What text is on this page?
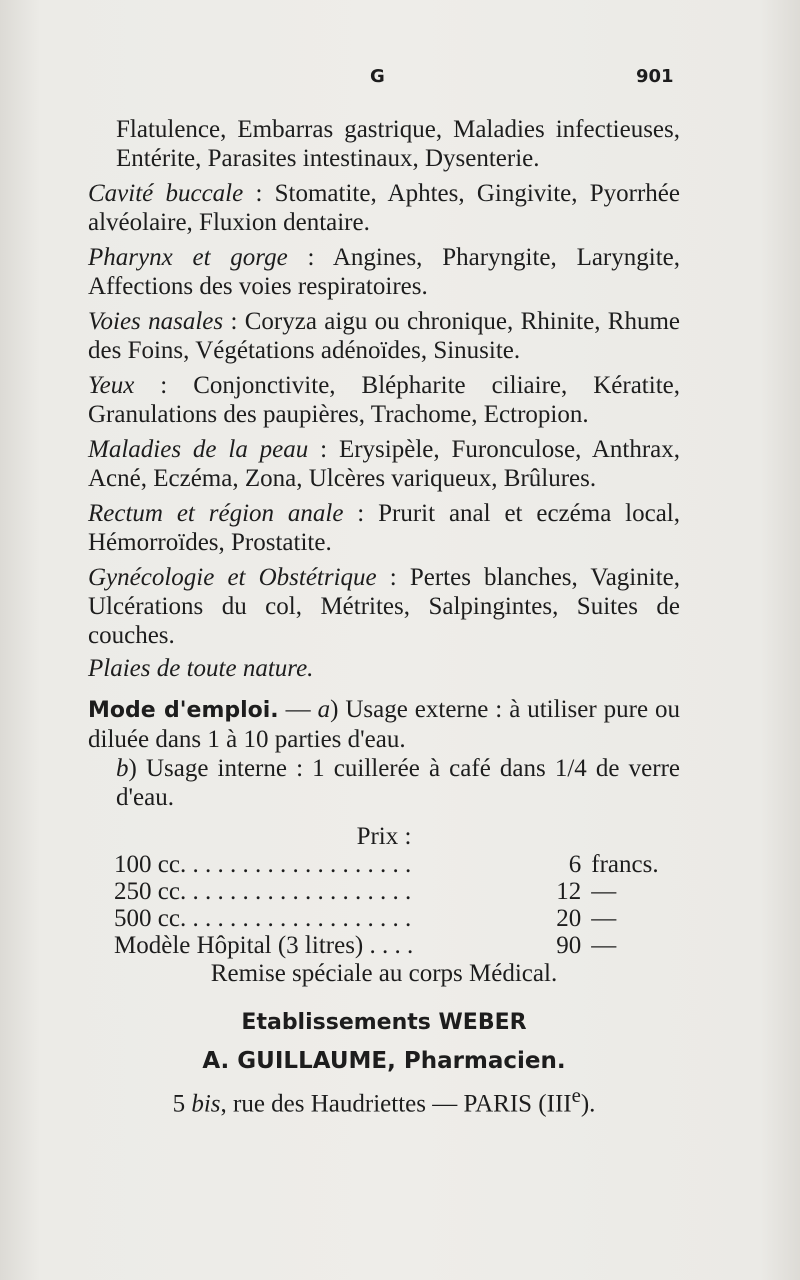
G	901
Flatulence, Embarras gastrique, Maladies infectieuses, Entérite, Parasites intestinaux, Dysenterie.
Cavité buccale : Stomatite, Aphtes, Gingivite, Pyorrhée alvéolaire, Fluxion dentaire.
Pharynx et gorge : Angines, Pharyngite, Laryngite, Affections des voies respiratoires.
Voies nasales : Coryza aigu ou chronique, Rhinite, Rhume des Foins, Végétations adénoïdes, Sinusite.
Yeux : Conjonctivite, Blépharite ciliaire, Kératite, Granulations des paupières, Trachome, Ectropion.
Maladies de la peau : Erysipèle, Furonculose, Anthrax, Acné, Eczéma, Zona, Ulcères variqueux, Brûlures.
Rectum et région anale : Prurit anal et eczéma local, Hémorroïdes, Prostatite.
Gynécologie et Obstétrique : Pertes blanches, Vaginite, Ulcérations du col, Métrites, Salpingintes, Suites de couches.
Plaies de toute nature.
Mode d'emploi. — a) Usage externe : à utiliser pure ou diluée dans 1 à 10 parties d'eau.
b) Usage interne : 1 cuillerée à café dans 1/4 de verre d'eau.
Prix :
100 cc. . . . . . . . . . . . . . . . . . .	6	francs.
250 cc. . . . . . . . . . . . . . . . . . .	12	—
500 cc. . . . . . . . . . . . . . . . . . .	20	—
Modèle Hôpital (3 litres) . . . .	90	—
Remise spéciale au corps Médical.
Etablissements WEBER
A. GUILLAUME, Pharmacien.
5 bis, rue des Haudriettes — PARIS (IIIe).
